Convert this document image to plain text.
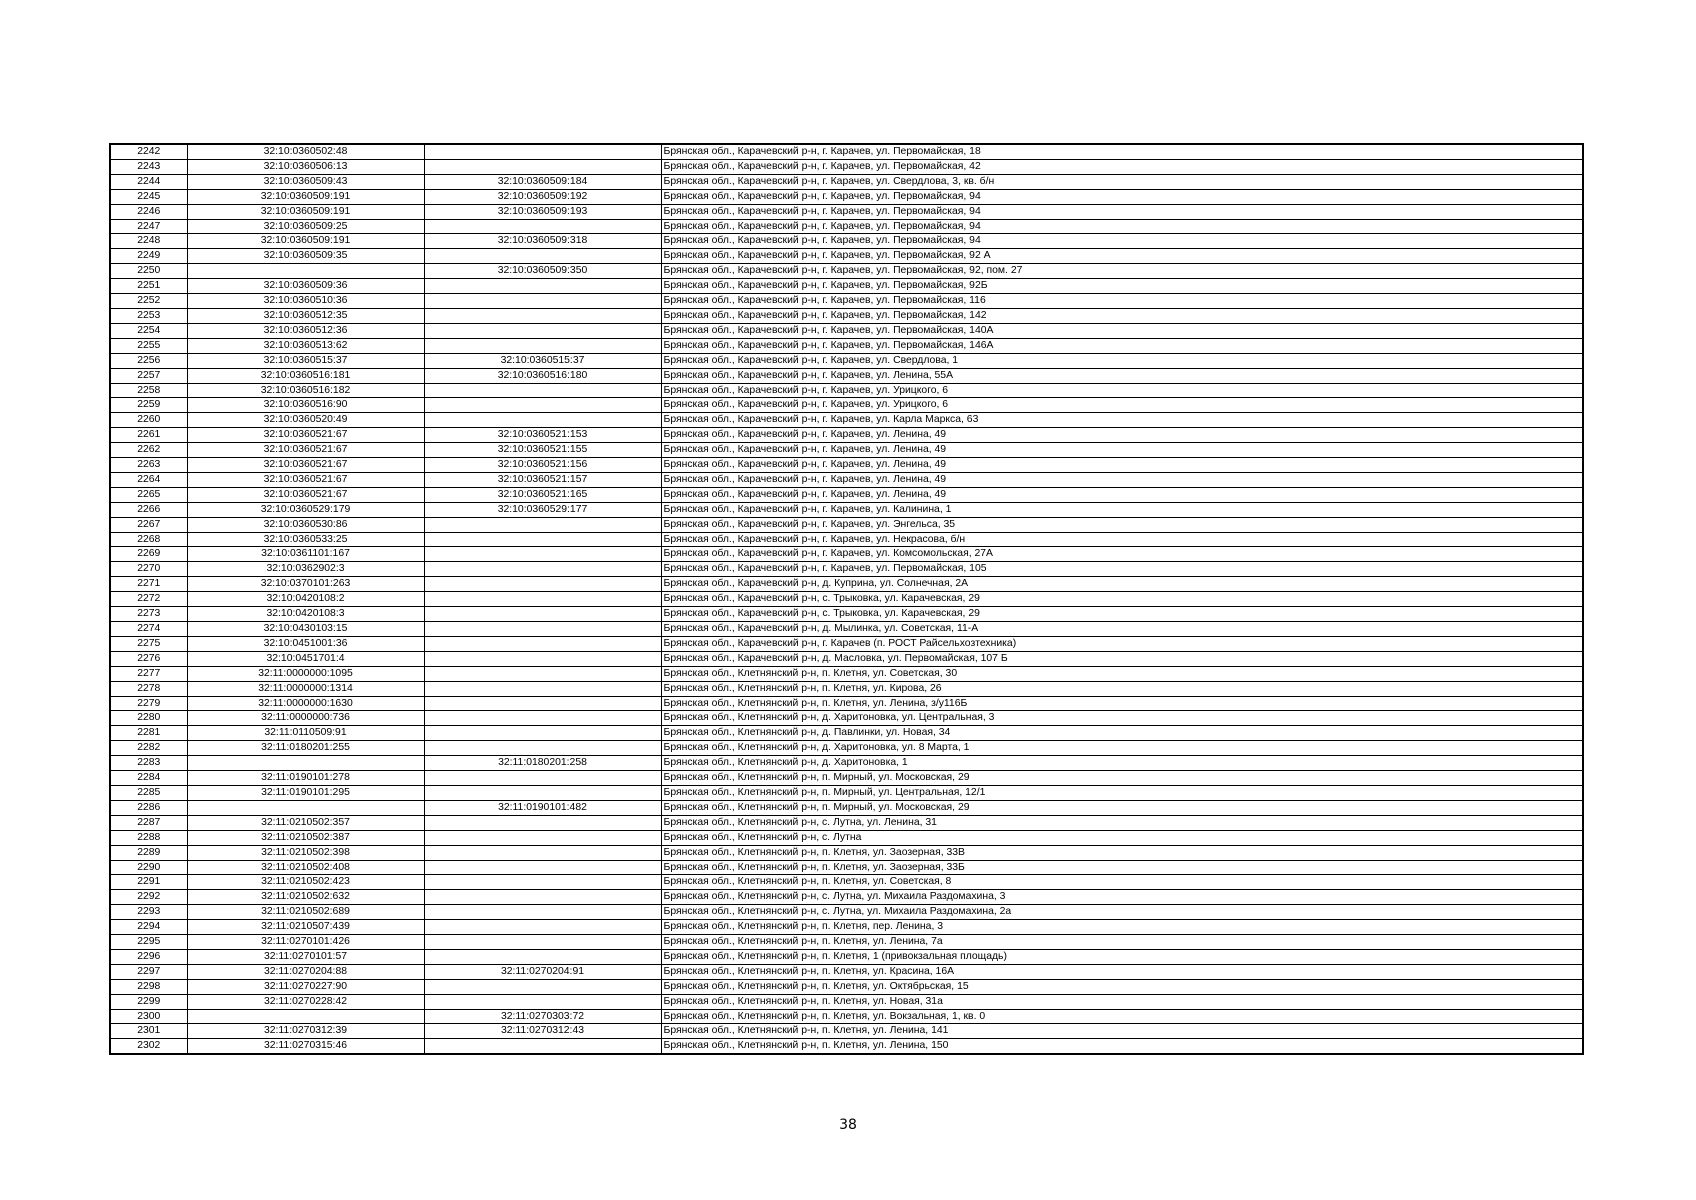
2242	32:10:0360502:48		Брянская обл., Карачевский р-н, г. Карачев, ул. Первомайская, 18
2243	32:10:0360506:13		Брянская обл., Карачевский р-н, г. Карачев, ул. Первомайская, 42
2244	32:10:0360509:43	32:10:0360509:184	Брянская обл., Карачевский р-н, г. Карачев, ул. Свердлова, 3, кв. б/н
2245	32:10:0360509:191	32:10:0360509:192	Брянская обл., Карачевский р-н, г. Карачев, ул. Первомайская, 94
2246	32:10:0360509:191	32:10:0360509:193	Брянская обл., Карачевский р-н, г. Карачев, ул. Первомайская, 94
2247	32:10:0360509:25		Брянская обл., Карачевский р-н, г. Карачев, ул. Первомайская, 94
2248	32:10:0360509:191	32:10:0360509:318	Брянская обл., Карачевский р-н, г. Карачев, ул. Первомайская, 94
2249	32:10:0360509:35		Брянская обл., Карачевский р-н, г. Карачев, ул. Первомайская, 92 А
2250		32:10:0360509:350	Брянская обл., Карачевский р-н, г. Карачев, ул. Первомайская, 92, пом. 27
2251	32:10:0360509:36		Брянская обл., Карачевский р-н, г. Карачев, ул. Первомайская, 92Б
2252	32:10:0360510:36		Брянская обл., Карачевский р-н, г. Карачев, ул. Первомайская, 116
2253	32:10:0360512:35		Брянская обл., Карачевский р-н, г. Карачев, ул. Первомайская, 142
2254	32:10:0360512:36		Брянская обл., Карачевский р-н, г. Карачев, ул. Первомайская, 140А
2255	32:10:0360513:62		Брянская обл., Карачевский р-н, г. Карачев, ул. Первомайская, 146А
2256	32:10:0360515:37	32:10:0360515:37	Брянская обл., Карачевский р-н, г. Карачев, ул. Свердлова, 1
2257	32:10:0360516:181	32:10:0360516:180	Брянская обл., Карачевский р-н, г. Карачев, ул. Ленина, 55А
2258	32:10:0360516:182		Брянская обл., Карачевский р-н, г. Карачев, ул. Урицкого, 6
2259	32:10:0360516:90		Брянская обл., Карачевский р-н, г. Карачев, ул. Урицкого, 6
2260	32:10:0360520:49		Брянская обл., Карачевский р-н, г. Карачев, ул. Карла Маркса, 63
2261	32:10:0360521:67	32:10:0360521:153	Брянская обл., Карачевский р-н, г. Карачев, ул. Ленина, 49
2262	32:10:0360521:67	32:10:0360521:155	Брянская обл., Карачевский р-н, г. Карачев, ул. Ленина, 49
2263	32:10:0360521:67	32:10:0360521:156	Брянская обл., Карачевский р-н, г. Карачев, ул. Ленина, 49
2264	32:10:0360521:67	32:10:0360521:157	Брянская обл., Карачевский р-н, г. Карачев, ул. Ленина, 49
2265	32:10:0360521:67	32:10:0360521:165	Брянская обл., Карачевский р-н, г. Карачев, ул. Ленина, 49
2266	32:10:0360529:179	32:10:0360529:177	Брянская обл., Карачевский р-н, г. Карачев, ул. Калинина, 1
2267	32:10:0360530:86		Брянская обл., Карачевский р-н, г. Карачев, ул. Энгельса, 35
2268	32:10:0360533:25		Брянская обл., Карачевский р-н, г. Карачев, ул. Некрасова, б/н
2269	32:10:0361101:167		Брянская обл., Карачевский р-н, г. Карачев, ул. Комсомольская, 27А
2270	32:10:0362902:3		Брянская обл., Карачевский р-н, г. Карачев, ул. Первомайская, 105
2271	32:10:0370101:263		Брянская обл., Карачевский р-н, д. Куприна, ул. Солнечная, 2А
2272	32:10:0420108:2		Брянская обл., Карачевский р-н, с. Трыковка, ул. Карачевская, 29
2273	32:10:0420108:3		Брянская обл., Карачевский р-н, с. Трыковка, ул. Карачевская, 29
2274	32:10:0430103:15		Брянская обл., Карачевский р-н, д. Мылинка, ул. Советская, 11-А
2275	32:10:0451001:36		Брянская обл., Карачевский р-н, г. Карачев (п. РОСТ Райсельхозтехника)
2276	32:10:0451701:4		Брянская обл., Карачевский р-н, д. Масловка, ул. Первомайская, 107 Б
2277	32:11:0000000:1095		Брянская обл., Клетнянский р-н, п. Клетня, ул. Советская, 30
2278	32:11:0000000:1314		Брянская обл., Клетнянский р-н, п. Клетня, ул. Кирова, 26
2279	32:11:0000000:1630		Брянская обл., Клетнянский р-н, п. Клетня, ул. Ленина, з/у116Б
2280	32:11:0000000:736		Брянская обл., Клетнянский р-н, д. Харитоновка, ул. Центральная, 3
2281	32:11:0110509:91		Брянская обл., Клетнянский р-н, д. Павлинки, ул. Новая, 34
2282	32:11:0180201:255		Брянская обл., Клетнянский р-н, д. Харитоновка, ул. 8 Марта, 1
2283		32:11:0180201:258	Брянская обл., Клетнянский р-н, д. Харитоновка, 1
2284	32:11:0190101:278		Брянская обл., Клетнянский р-н, п. Мирный, ул. Московская, 29
2285	32:11:0190101:295		Брянская обл., Клетнянский р-н, п. Мирный, ул. Центральная, 12/1
2286		32:11:0190101:482	Брянская обл., Клетнянский р-н, п. Мирный, ул. Московская, 29
2287	32:11:0210502:357		Брянская обл., Клетнянский р-н, с. Лутна, ул. Ленина, 31
2288	32:11:0210502:387		Брянская обл., Клетнянский р-н, с. Лутна
2289	32:11:0210502:398		Брянская обл., Клетнянский р-н, п. Клетня, ул. Заозерная, 33В
2290	32:11:0210502:408		Брянская обл., Клетнянский р-н, п. Клетня, ул. Заозерная, 33Б
2291	32:11:0210502:423		Брянская обл., Клетнянский р-н, п. Клетня, ул. Советская, 8
2292	32:11:0210502:632		Брянская обл., Клетнянский р-н, с. Лутна, ул. Михаила Раздомахина, 3
2293	32:11:0210502:689		Брянская обл., Клетнянский р-н, с. Лутна, ул. Михаила Раздомахина, 2а
2294	32:11:0210507:439		Брянская обл., Клетнянский р-н, п. Клетня, пер. Ленина, 3
2295	32:11:0270101:426		Брянская обл., Клетнянский р-н, п. Клетня, ул. Ленина, 7а
2296	32:11:0270101:57		Брянская обл., Клетнянский р-н, п. Клетня, 1 (привокзальная площадь)
2297	32:11:0270204:88	32:11:0270204:91	Брянская обл., Клетнянский р-н, п. Клетня, ул. Красина, 16А
2298	32:11:0270227:90		Брянская обл., Клетнянский р-н, п. Клетня, ул. Октябрьская, 15
2299	32:11:0270228:42		Брянская обл., Клетнянский р-н, п. Клетня, ул. Новая, 31а
2300		32:11:0270303:72	Брянская обл., Клетнянский р-н, п. Клетня, ул. Вокзальная, 1, кв. 0
2301	32:11:0270312:39	32:11:0270312:43	Брянская обл., Клетнянский р-н, п. Клетня, ул. Ленина, 141
2302	32:11:0270315:46		Брянская обл., Клетнянский р-н, п. Клетня, ул. Ленина, 150
38
